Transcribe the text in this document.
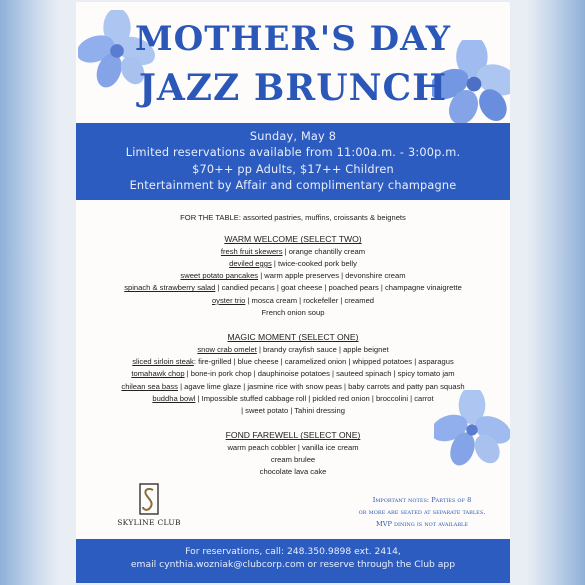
MOTHER'S DAY
JAZZ BRUNCH
Sunday, May 8
Limited reservations available from 11:00a.m. - 3:00p.m.
$70++ pp Adults, $17++ Children
Entertainment by Affair and complimentary champagne
FOR THE TABLE: assorted pastries, muffins, croissants & beignets
WARM WELCOME (SELECT TWO)
fresh fruit skewers | orange chantilly cream
deviled eggs | twice-cooked pork belly
sweet potato pancakes | warm apple preserves | devonshire cream
spinach & strawberry salad | candied pecans | goat cheese | poached pears | champagne vinaigrette
oyster trio | mosca cream | rockefeller | creamed
French onion soup
MAGIC MOMENT (SELECT ONE)
snow crab omelet | brandy crayfish sauce | apple beignet
sliced sirloin steak: fire-grilled | blue cheese | caramelized onion | whipped potatoes | asparagus
tomahawk chop | bone-in pork chop | dauphinoise potatoes | sauteed spinach | spicy tomato jam
chilean sea bass | agave lime glaze | jasmine rice with snow peas | baby carrots and patty pan squash
buddha bowl | Impossible stuffed cabbage roll | pickled red onion | broccolini | carrot
| sweet potato | Tahini dressing
FOND FAREWELL (SELECT ONE)
warm peach cobbler | vanilla ice cream
cream brulee
chocolate lava cake
SKYLINE CLUB
Important notes: Parties of 8
or more are seated at separate tables.
MVP dining is not available
For reservations, call: 248.350.9898 ext. 2414,
email cynthia.wozniak@clubcorp.com or reserve through the Club app
